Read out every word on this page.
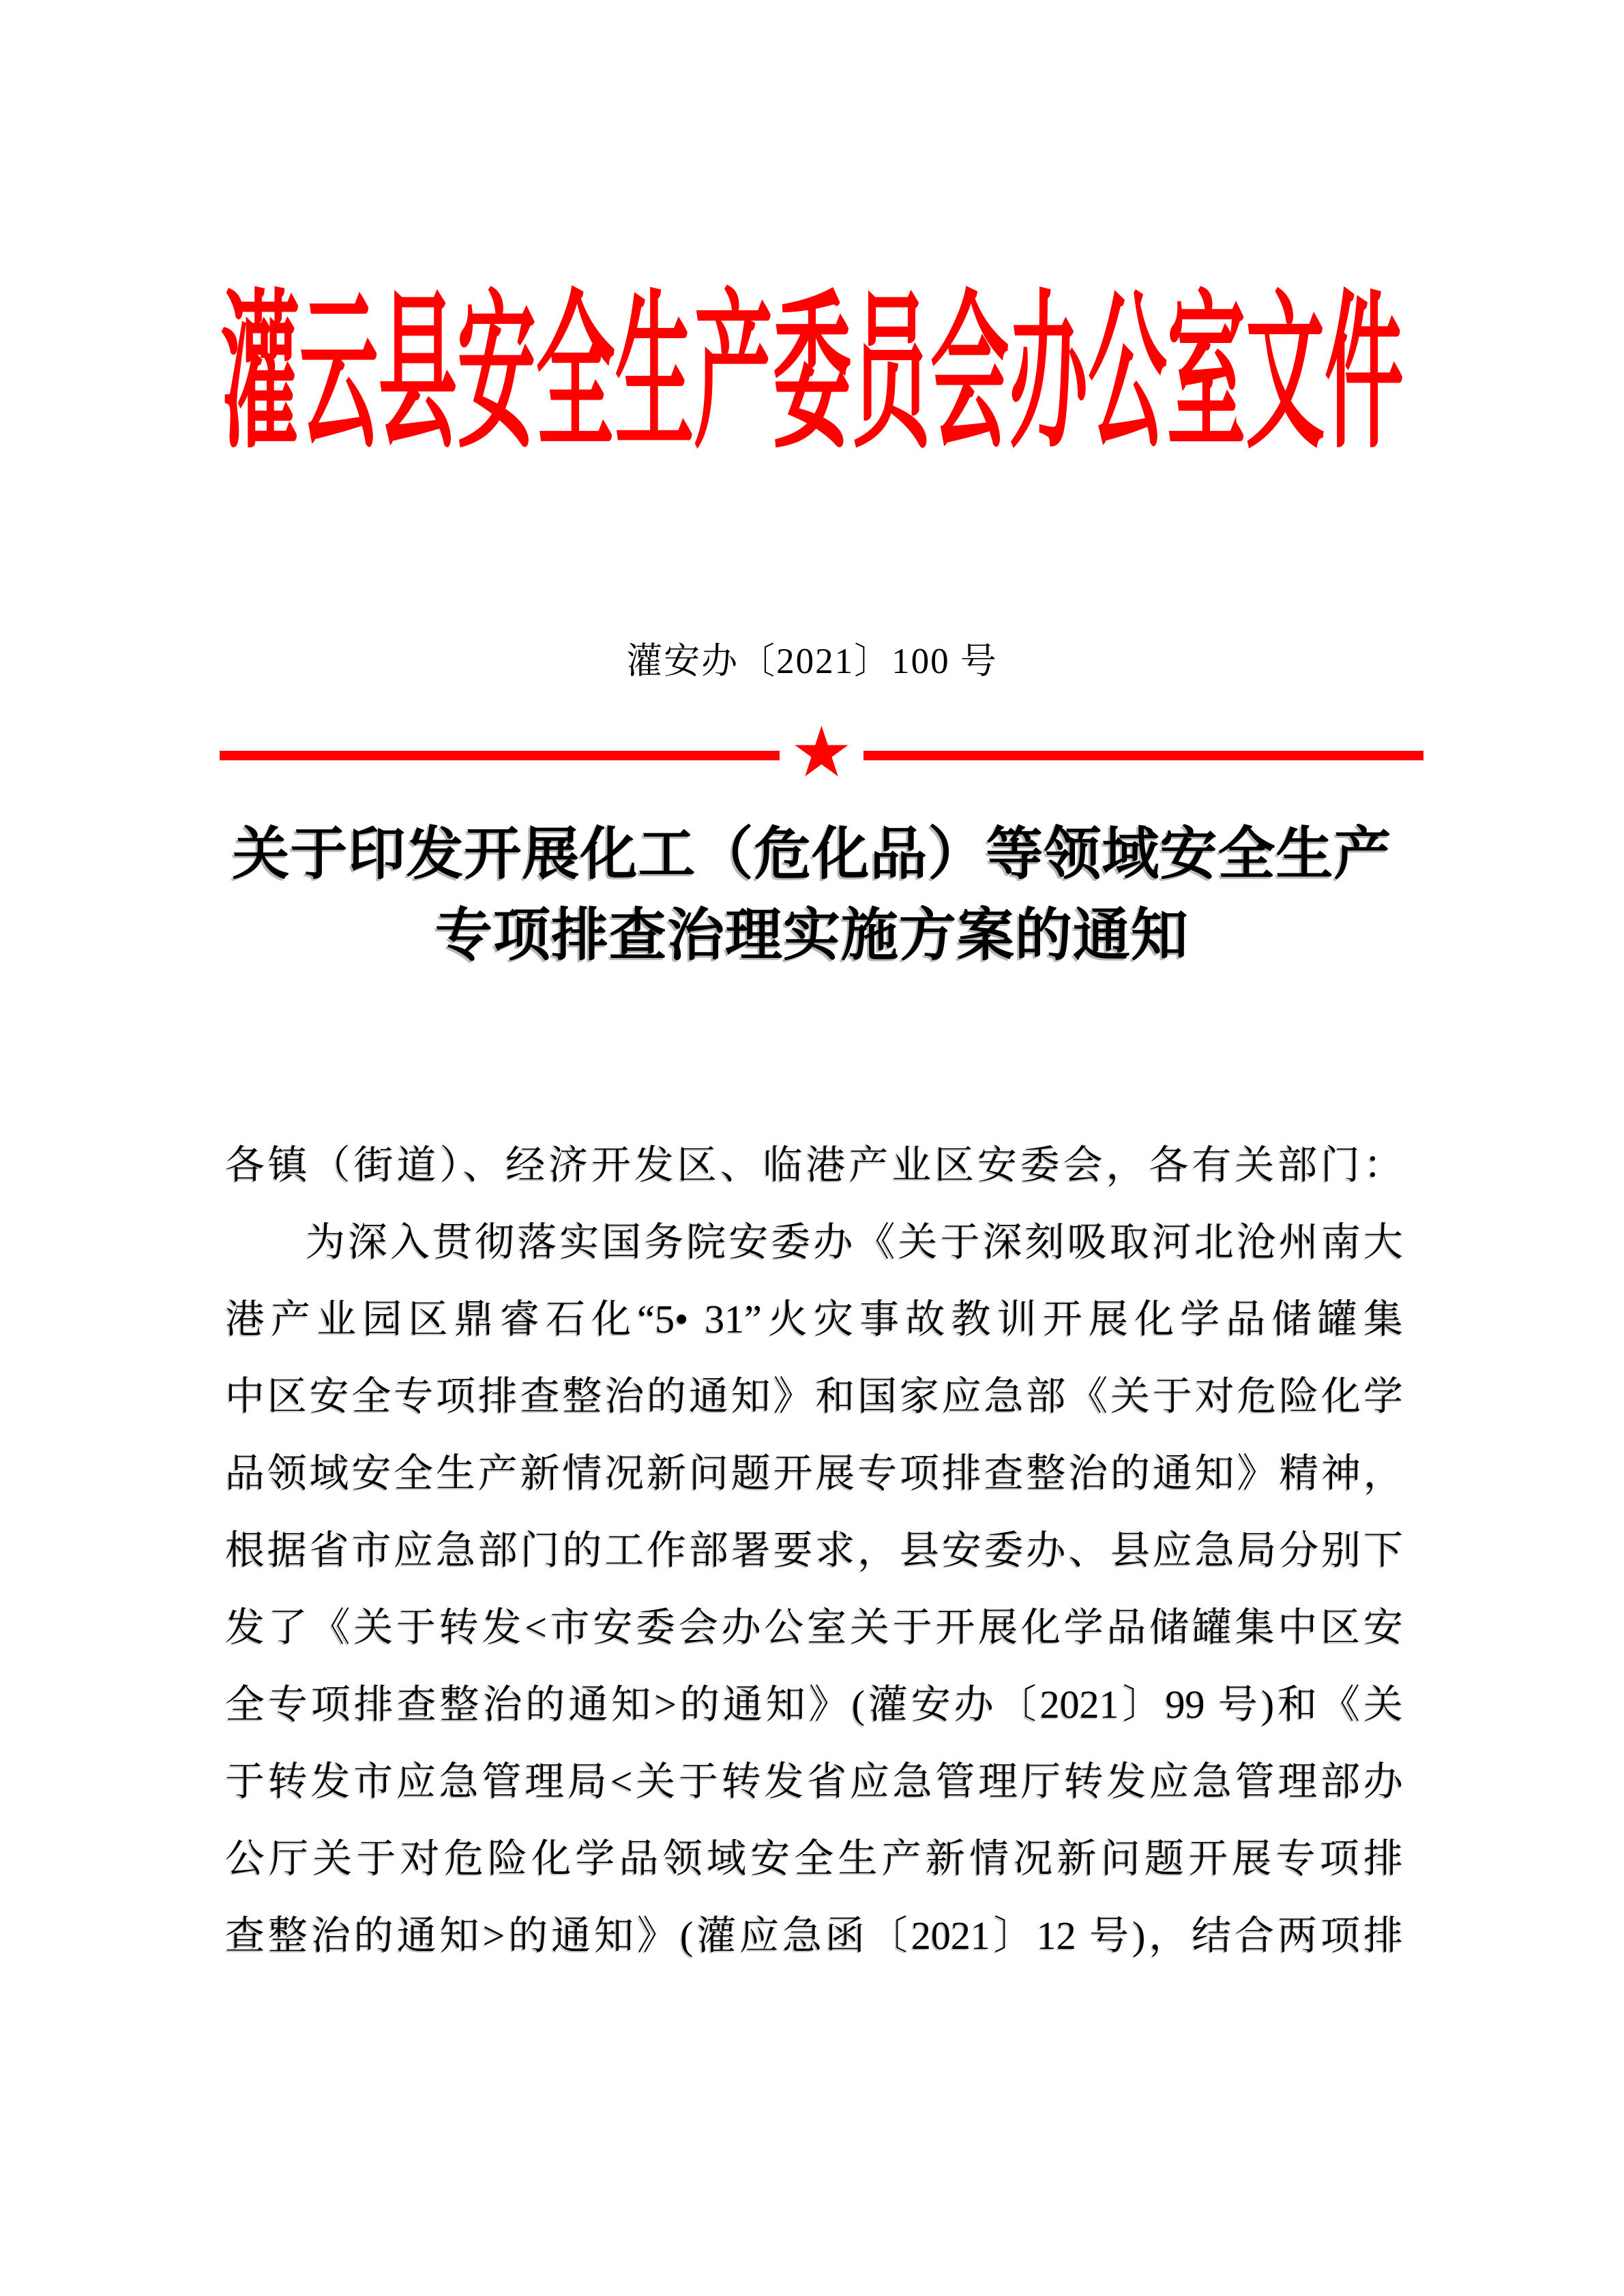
灌云县安全生产委员会办公室文件
灌安办〔2021〕100 号
★
关于印发开展化工（危化品）等领域安全生产
专项排查治理实施方案的通知
各镇（街道）、经济开发区、临港产业区安委会，各有关部门：
为深入贯彻落实国务院安委办《关于深刻吸取河北沧州南大
港产业园区鼎睿石化“5• 31”火灾事故教训开展化学品储罐集
中区安全专项排查整治的通知》和国家应急部《关于对危险化学
品领域安全生产新情况新问题开展专项排查整治的通知》精神，
根据省市应急部门的工作部署要求，县安委办、县应急局分别下
发了《关于转发<市安委会办公室关于开展化学品储罐集中区安
全专项排查整治的通知>的通知》(灌安办〔2021〕99 号)和《关
于转发市应急管理局<关于转发省应急管理厅转发应急管理部办
公厅关于对危险化学品领域安全生产新情况新问题开展专项排
查整治的通知>的通知》(灌应急函〔2021〕12 号)，结合两项排
